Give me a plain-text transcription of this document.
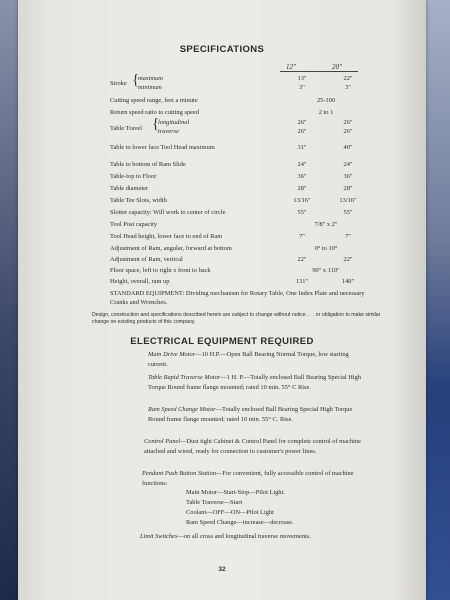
SPECIFICATIONS
12"	20"
Stroke {
maximum	13"	22"
minimum	3"	3"
Cutting speed range, feet a minute	25-100
Return speed ratio to cutting speed	2 to 1
Table Travel {
longitudinal	26"	26"
traverse	26"	26"
Table to lower face Tool Head maximum	31"	40"
Table to bottom of Ram Slide	24"	24"
Table-top to Floor	36"	36"
Table diameter	28"	28"
Table Tee Slots, width	13/16"	13/16"
Slotter capacity: Will work to center of circle	55"	55"
Tool Post capacity	7/8" x 2"
Tool Head height, lower face to end of Ram	7"	7"
Adjustment of Ram, angular, forward at bottom	0° to 10°
Adjustment of Ram, vertical	22"	22"
Floor space, left to right x front to back	90" x 110"
Height, overall, ram up	131"	140"
STANDARD EQUIPMENT: Dividing mechanism for Rotary Table, One Index Plate and necessary Cranks and Wrenches.
Design, construction and specifications described herein are subject to change without notice . . . or obligation to make similar change on existing products of this company.
ELECTRICAL EQUIPMENT REQUIRED
Main Drive Motor—10 H.P.—Open Ball Bearing Normal Torque, low starting current.
Table Rapid Traverse Motor—1 H. P.—Totally enclosed Ball Bearing Special High Torque Round frame flange mounted; rated 10 min. 55° C Rise.
Ram Speed Change Motor—Totally enclosed Ball Bearing Special High Torque Round frame flange mounted; rated 10 min. 55° C. Rise.
Control Panel—Dust tight Cabinet & Control Panel for complete control of machine attached and wired, ready for connection to customer's power lines.
Pendant Push Button Station—For convenient, fully accessible control of machine functions:
Main Motor—Start-Stop—Pilot Light.
Table Traverse—Start
Coolant—OFF—ON—Pilot Light
Ram Speed Change—increase—decrease.
Limit Switches—on all cross and longitudinal traverse movements.
32
